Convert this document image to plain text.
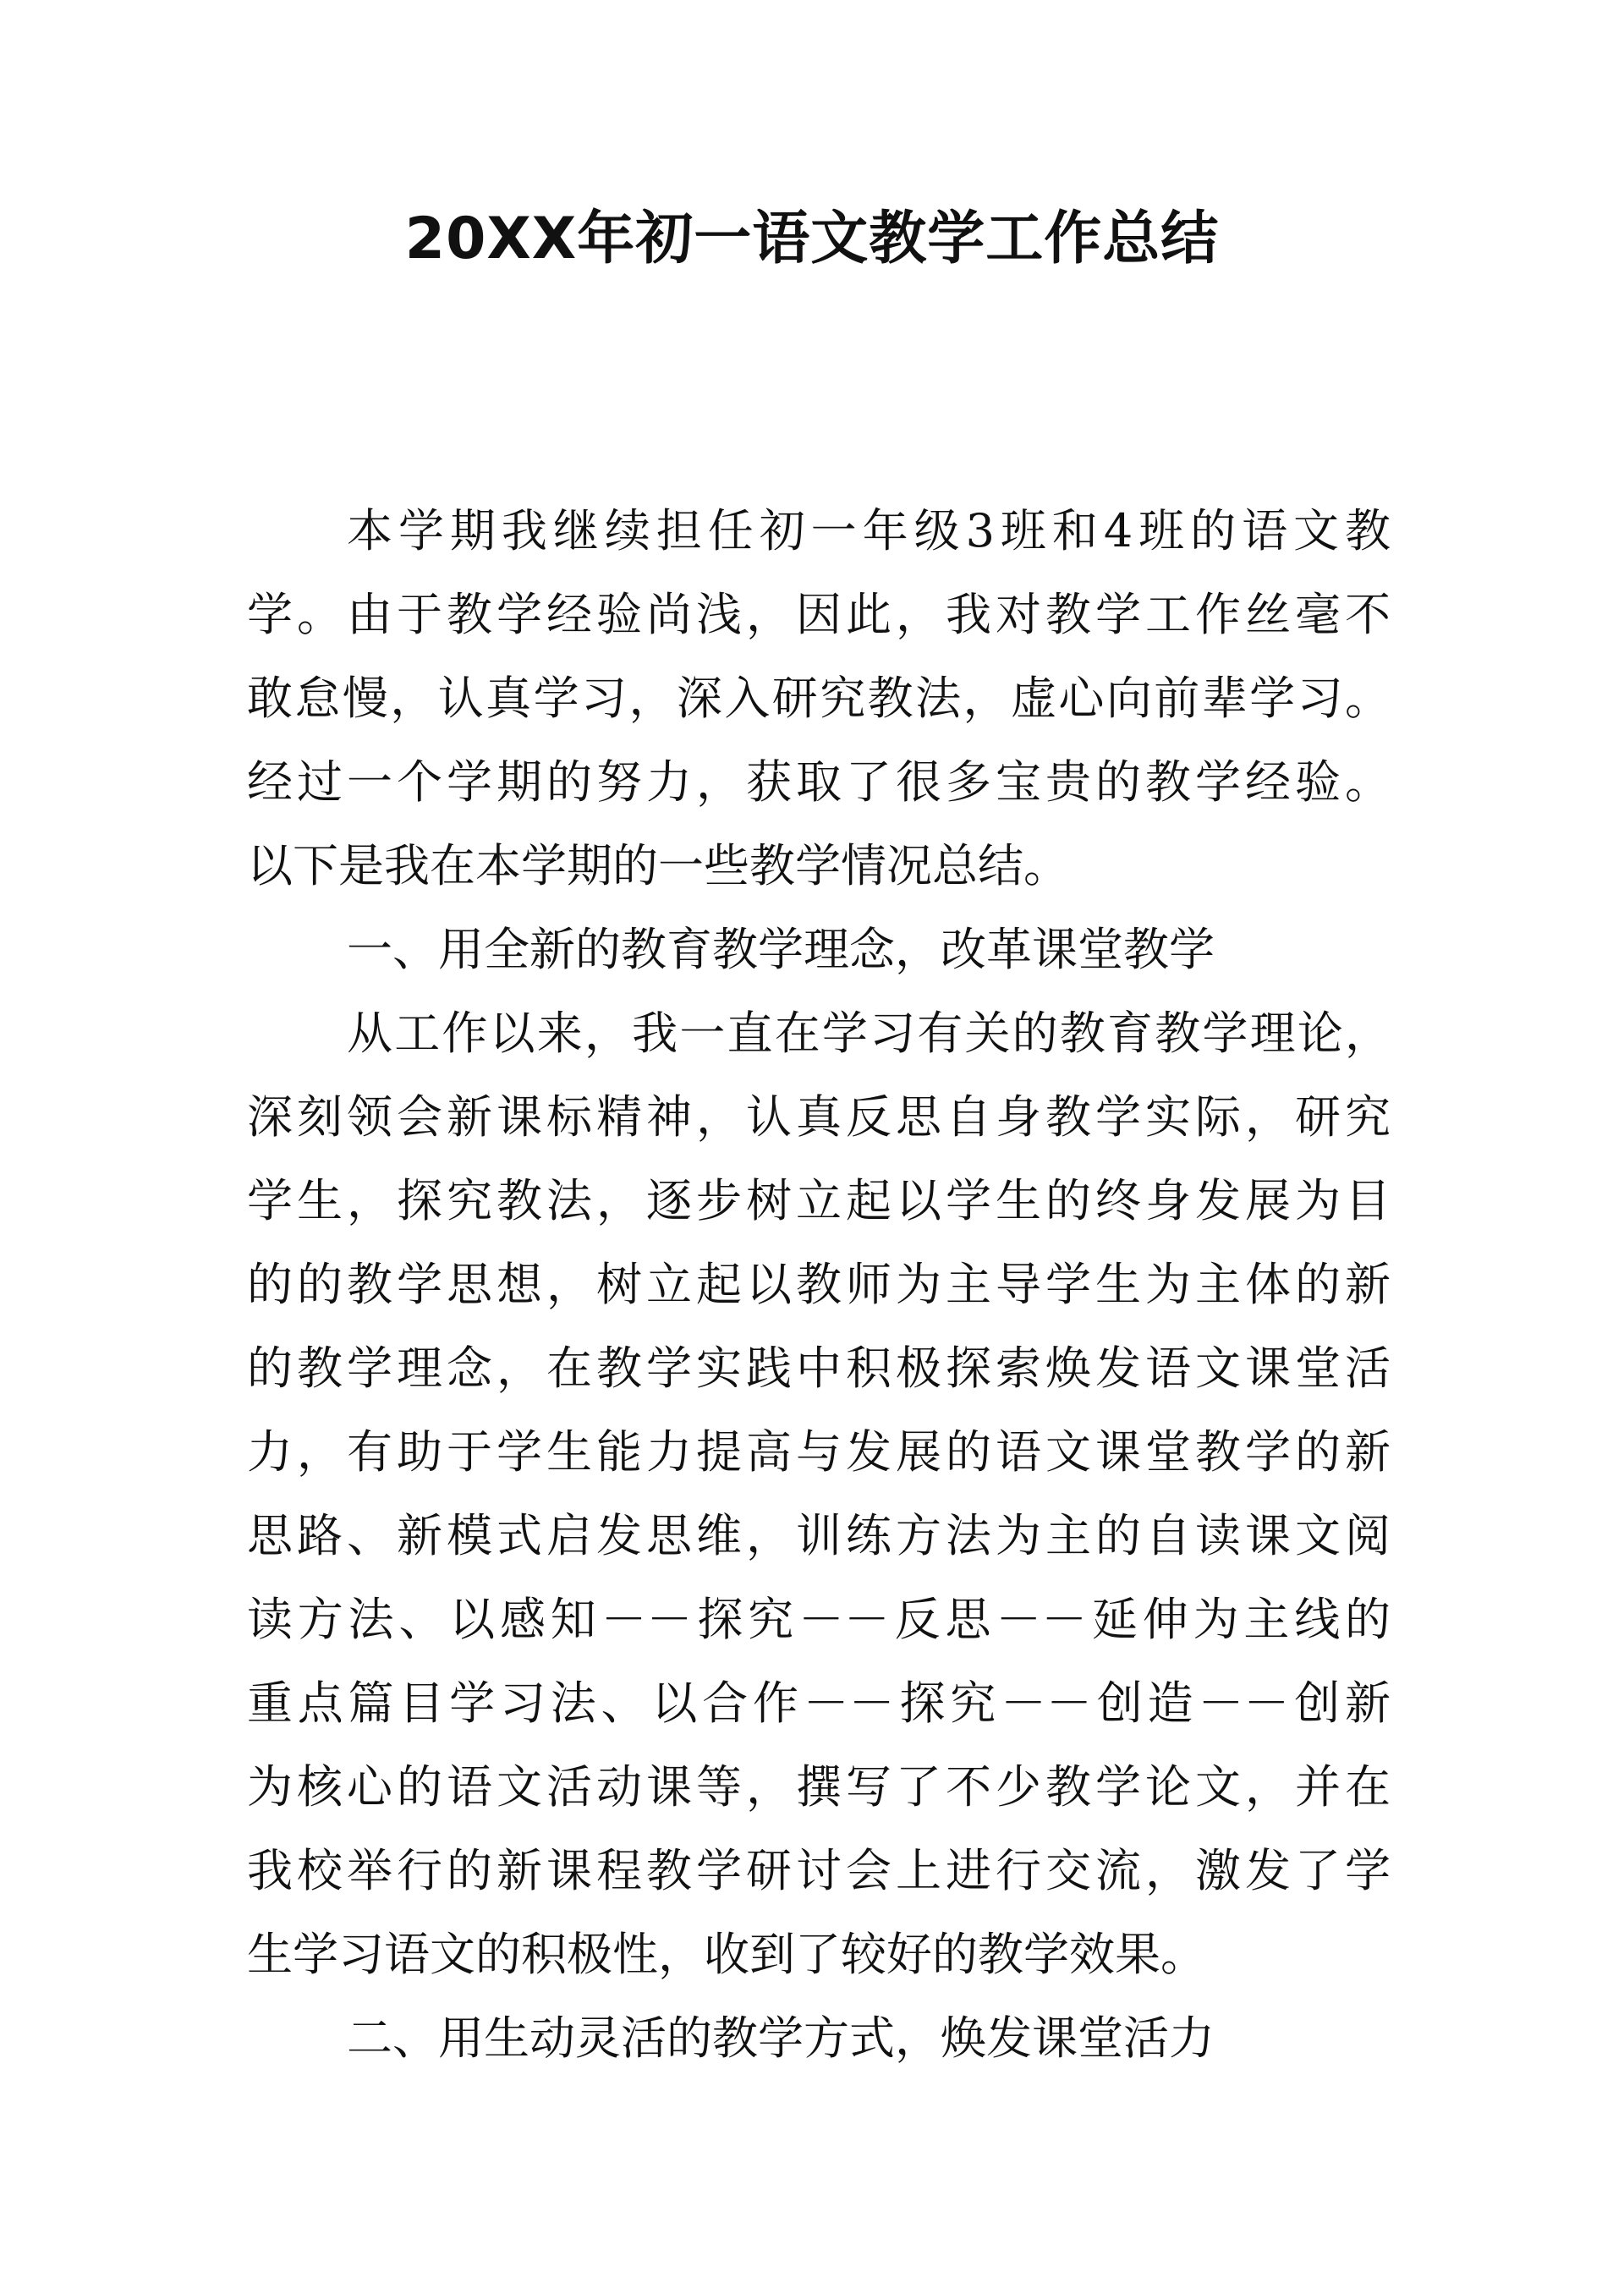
20XX年初一语文教学工作总结
本学期我继续担任初一年级3班和4班的语文教
学。由于教学经验尚浅，因此，我对教学工作丝毫不
敢怠慢，认真学习，深入研究教法，虚心向前辈学习。
经过一个学期的努力，获取了很多宝贵的教学经验。
以下是我在本学期的一些教学情况总结。
一、用全新的教育教学理念，改革课堂教学
从工作以来，我一直在学习有关的教育教学理论，
深刻领会新课标精神，认真反思自身教学实际，研究
学生，探究教法，逐步树立起以学生的终身发展为目
的的教学思想，树立起以教师为主导学生为主体的新
的教学理念，在教学实践中积极探索焕发语文课堂活
力，有助于学生能力提高与发展的语文课堂教学的新
思路、新模式启发思维，训练方法为主的自读课文阅
读方法、以感知－－探究－－反思－－延伸为主线的
重点篇目学习法、以合作－－探究－－创造－－创新
为核心的语文活动课等，撰写了不少教学论文，并在
我校举行的新课程教学研讨会上进行交流，激发了学
生学习语文的积极性，收到了较好的教学效果。
二、用生动灵活的教学方式，焕发课堂活力
